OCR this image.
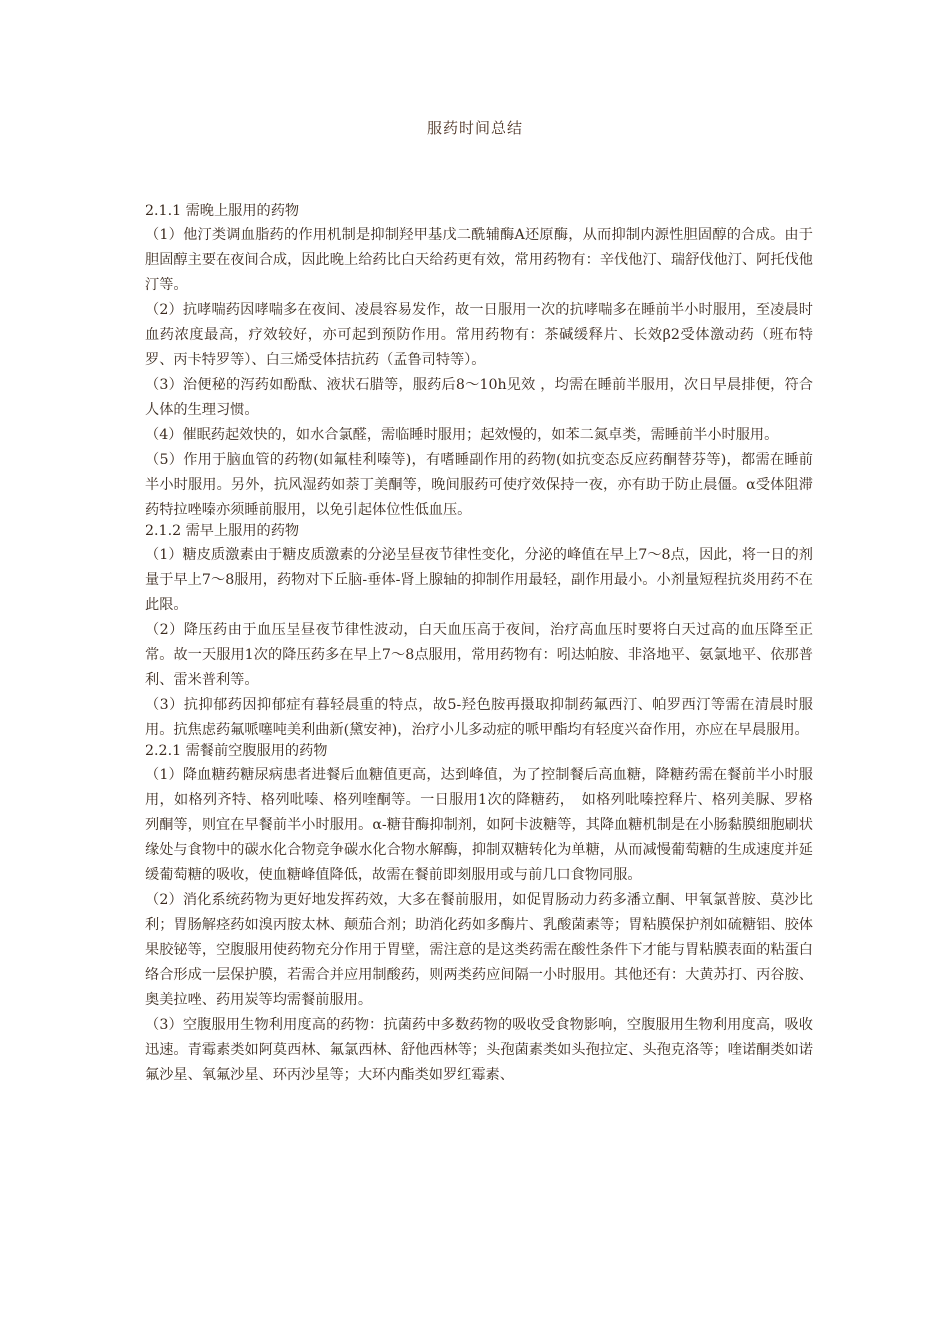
服药时间总结
2.1.1 需晚上服用的药物

（1）他汀类调血脂药的作用机制是抑制羟甲基戊二酰辅酶A还原酶，从而抑制内源性胆固醇的合成。由于胆固醇主要在夜间合成，因此晚上给药比白天给药更有效，常用药物有：辛伐他汀、瑞舒伐他汀、阿托伐他汀等。

（2）抗哮喘药因哮喘多在夜间、凌晨容易发作，故一日服用一次的抗哮喘多在睡前半小时服用，至凌晨时血药浓度最高，疗效较好，亦可起到预防作用。常用药物有：茶碱缓释片、长效β2受体激动药（班布特罗、丙卡特罗等）、白三烯受体拮抗药（孟鲁司特等）。

（3）治便秘的泻药如酚酞、液状石腊等，服药后8～10h见效 ，均需在睡前半服用，次日早晨排便，符合人体的生理习惯。

（4）催眠药起效快的，如水合氯醛，需临睡时服用；起效慢的，如苯二氮卓类，需睡前半小时服用。

（5）作用于脑血管的药物(如氟桂利嗪等)，有嗜睡副作用的药物(如抗变态反应药酮替芬等)，都需在睡前半小时服用。另外，抗风湿药如萘丁美酮等，晚间服药可使疗效保持一夜，亦有助于防止晨僵。α受体阻滞药特拉唑嗪亦须睡前服用，以免引起体位性低血压。

2.1.2 需早上服用的药物

（1）糖皮质激素由于糖皮质激素的分泌呈昼夜节律性变化，分泌的峰值在早上7～8点，因此，将一日的剂量于早上7～8服用，药物对下丘脑-垂体-肾上腺轴的抑制作用最轻，副作用最小。小剂量短程抗炎用药不在此限。

（2）降压药由于血压呈昼夜节律性波动，白天血压高于夜间，治疗高血压时要将白天过高的血压降至正常。故一天服用1次的降压药多在早上7～8点服用，常用药物有：吲达帕胺、非洛地平、氨氯地平、依那普利、雷米普利等。

（3）抗抑郁药因抑郁症有暮轻晨重的特点，故5-羟色胺再摄取抑制药氟西汀、帕罗西汀等需在清晨时服用。抗焦虑药氟哌噻吨美利曲新(黛安神)，治疗小儿多动症的哌甲酯均有轻度兴奋作用，亦应在早晨服用。

2.2.1 需餐前空腹服用的药物

（1）降血糖药糖尿病患者进餐后血糖值更高，达到峰值，为了控制餐后高血糖，降糖药需在餐前半小时服用，如格列齐特、格列吡嗪、格列喹酮等。一日服用1次的降糖药，　如格列吡嗪控释片、格列美脲、罗格列酮等，则宜在早餐前半小时服用。α-糖苷酶抑制剂，如阿卡波糖等，其降血糖机制是在小肠黏膜细胞刷状缘处与食物中的碳水化合物竞争碳水化合物水解酶，抑制双糖转化为单糖，从而减慢葡萄糖的生成速度并延缓葡萄糖的吸收，使血糖峰值降低，故需在餐前即刻服用或与前几口食物同服。

（2）消化系统药物为更好地发挥药效，大多在餐前服用，如促胃肠动力药多潘立酮、甲氧氯普胺、莫沙比利；胃肠解痉药如溴丙胺太林、颠茄合剂；助消化药如多酶片、乳酸菌素等；胃粘膜保护剂如硫糖铝、胶体果胶铋等，空腹服用使药物充分作用于胃壁，需注意的是这类药需在酸性条件下才能与胃粘膜表面的粘蛋白络合形成一层保护膜，若需合并应用制酸药，则两类药应间隔一小时服用。其他还有：大黄苏打、丙谷胺、奥美拉唑、药用炭等均需餐前服用。

（3）空腹服用生物利用度高的药物：抗菌药中多数药物的吸收受食物影响，空腹服用生物利用度高，吸收迅速。青霉素类如阿莫西林、氟氯西林、舒他西林等；头孢菌素类如头孢拉定、头孢克洛等；喹诺酮类如诺氟沙星、氧氟沙星、环丙沙星等；大环内酯类如罗红霉素、
